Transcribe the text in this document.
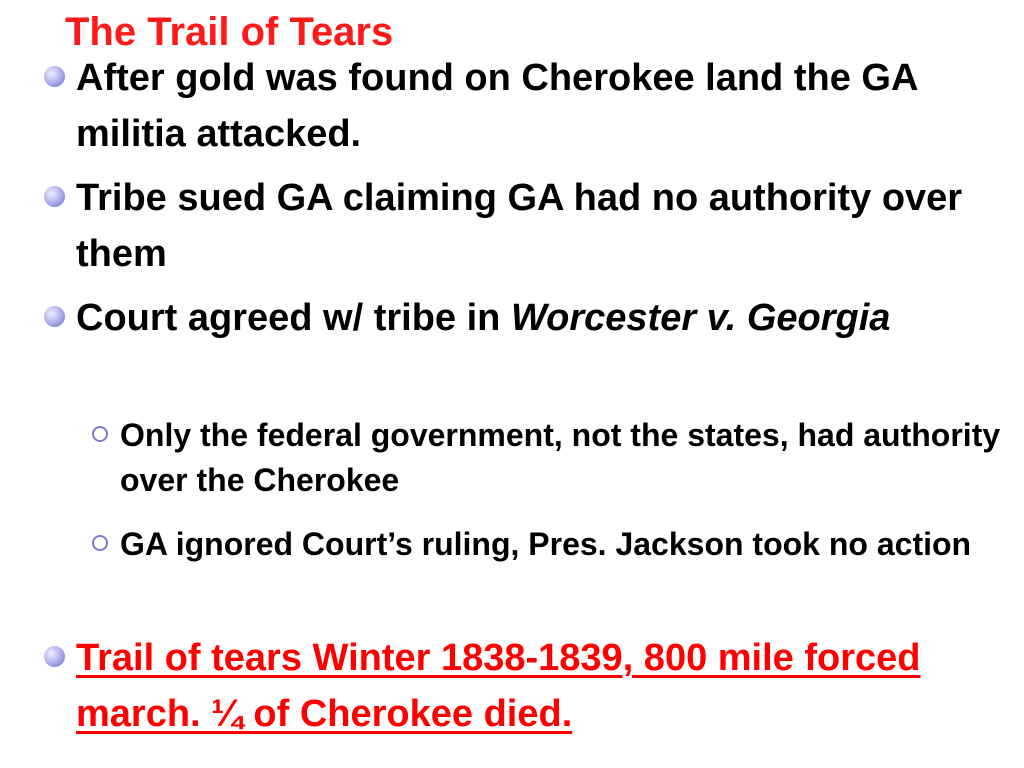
The Trail of Tears

After gold was found on Cherokee land the GA militia attacked.

Tribe sued GA claiming GA had no authority over them

Court agreed w/ tribe in Worcester v. Georgia

Only the federal government, not the states, had authority over the Cherokee

GA ignored Court’s ruling, Pres. Jackson took no action

Trail of tears Winter 1838-1839, 800 mile forced march. ¼ of Cherokee died.
